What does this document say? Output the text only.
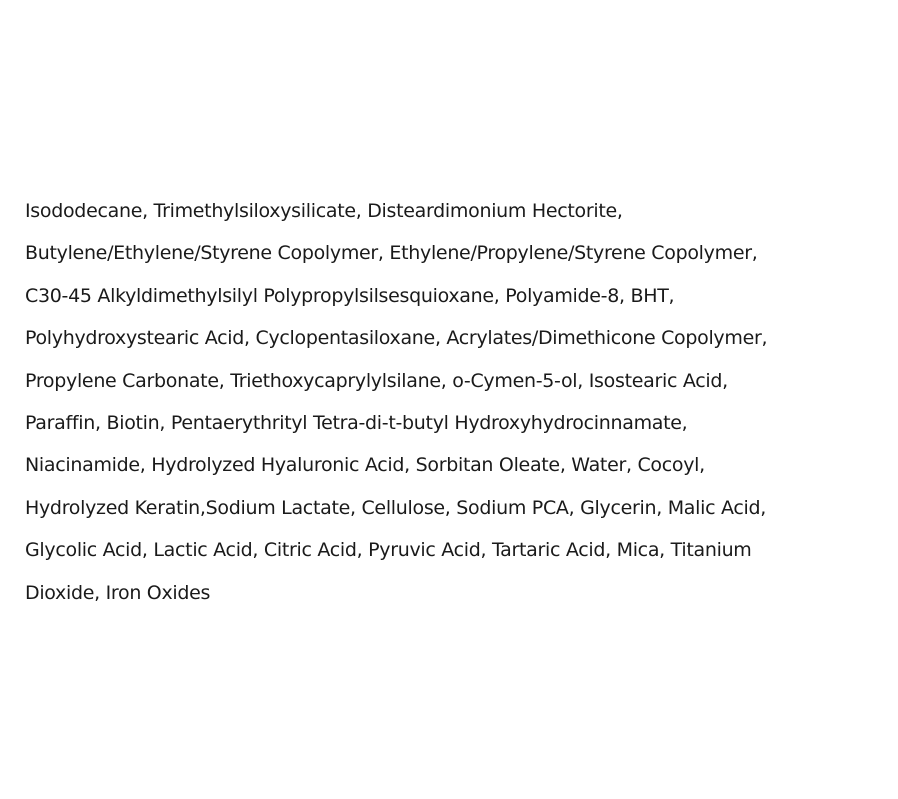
Isododecane, Trimethylsiloxysilicate, Disteardimonium Hectorite,
Butylene/Ethylene/Styrene Copolymer, Ethylene/Propylene/Styrene Copolymer,
C30-45 Alkyldimethylsilyl Polypropylsilsesquioxane, Polyamide-8, BHT,
Polyhydroxystearic Acid, Cyclopentasiloxane, Acrylates/Dimethicone Copolymer,
Propylene Carbonate, Triethoxycaprylylsilane, o-Cymen-5-ol, Isostearic Acid,
Paraffin, Biotin, Pentaerythrityl Tetra-di-t-butyl Hydroxyhydrocinnamate,
Niacinamide, Hydrolyzed Hyaluronic Acid, Sorbitan Oleate, Water, Cocoyl,
Hydrolyzed Keratin,Sodium Lactate, Cellulose, Sodium PCA, Glycerin, Malic Acid,
Glycolic Acid, Lactic Acid, Citric Acid, Pyruvic Acid, Tartaric Acid, Mica, Titanium
Dioxide, Iron Oxides
